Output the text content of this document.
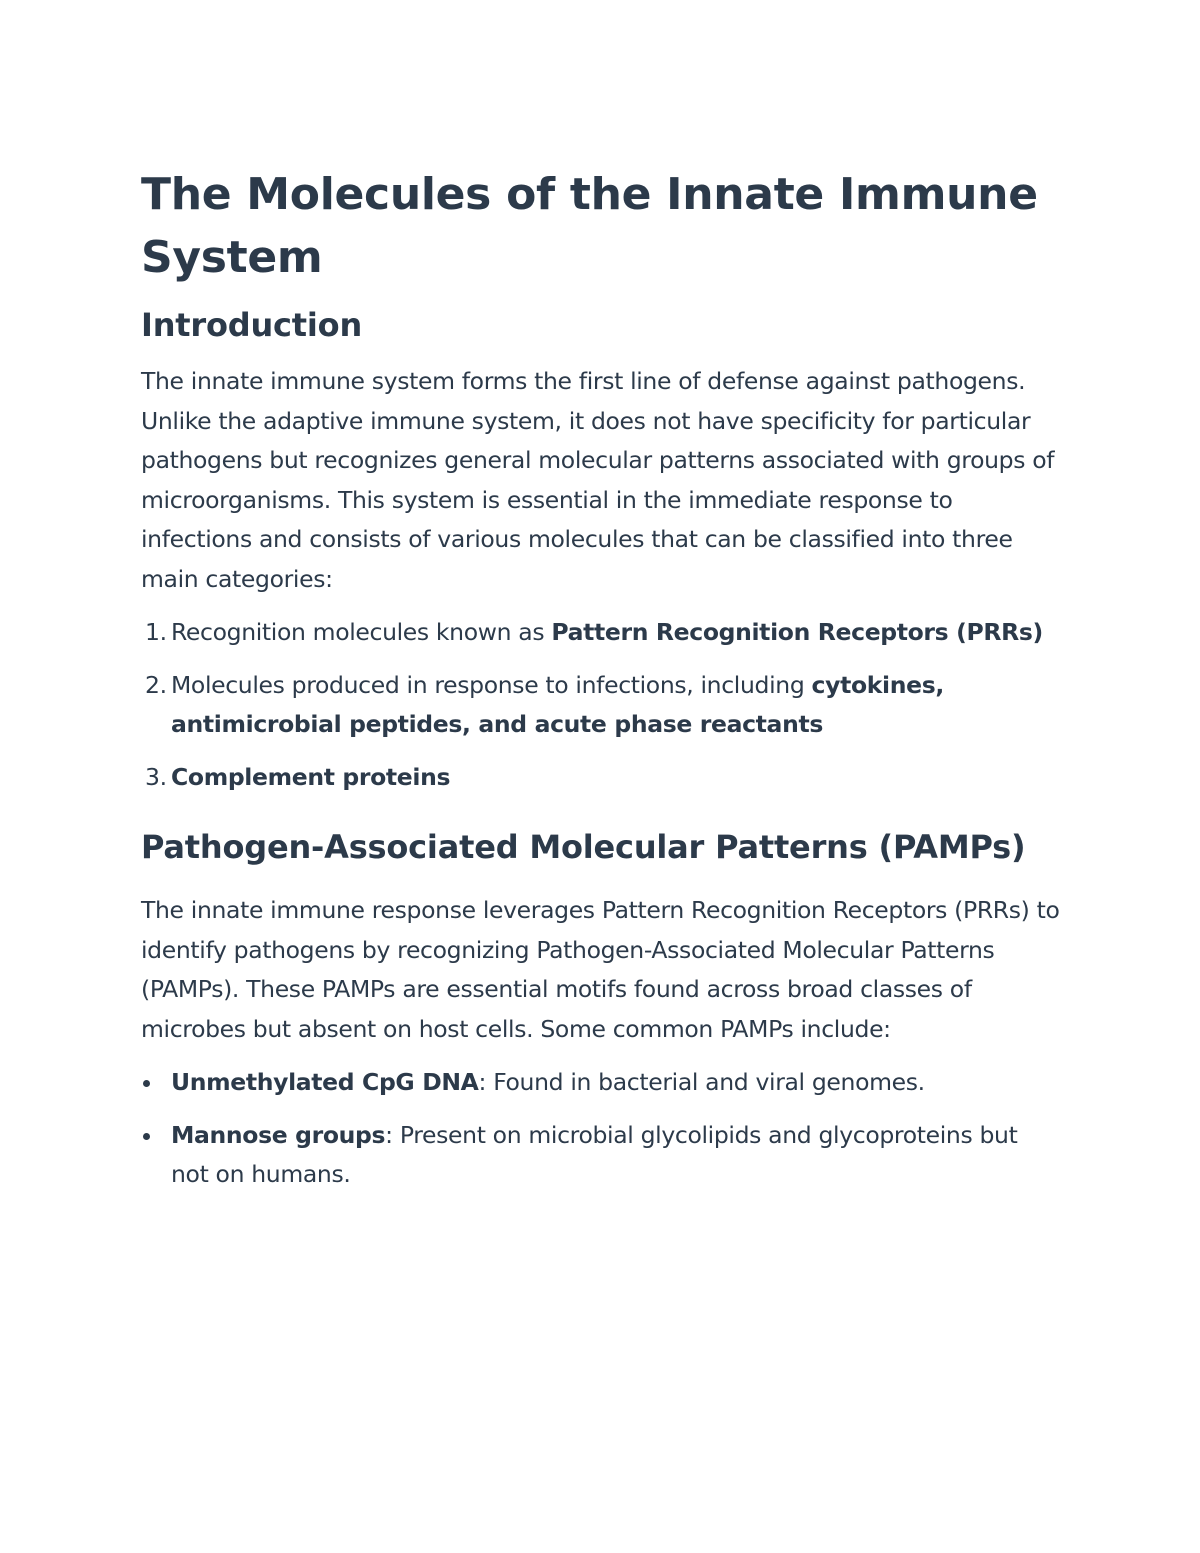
The Molecules of the Innate Immune System
Introduction

The innate immune system forms the first line of defense against pathogens. Unlike the adaptive immune system, it does not have specificity for particular pathogens but recognizes general molecular patterns associated with groups of microorganisms. This system is essential in the immediate response to infections and consists of various molecules that can be classified into three main categories:

1. Recognition molecules known as Pattern Recognition Receptors (PRRs)
2. Molecules produced in response to infections, including cytokines, antimicrobial peptides, and acute phase reactants
3. Complement proteins
Pathogen-Associated Molecular Patterns (PAMPs)

The innate immune response leverages Pattern Recognition Receptors (PRRs) to identify pathogens by recognizing Pathogen-Associated Molecular Patterns (PAMPs). These PAMPs are essential motifs found across broad classes of microbes but absent on host cells. Some common PAMPs include:

Unmethylated CpG DNA: Found in bacterial and viral genomes.
Mannose groups: Present on microbial glycolipids and glycoproteins but not on humans.
